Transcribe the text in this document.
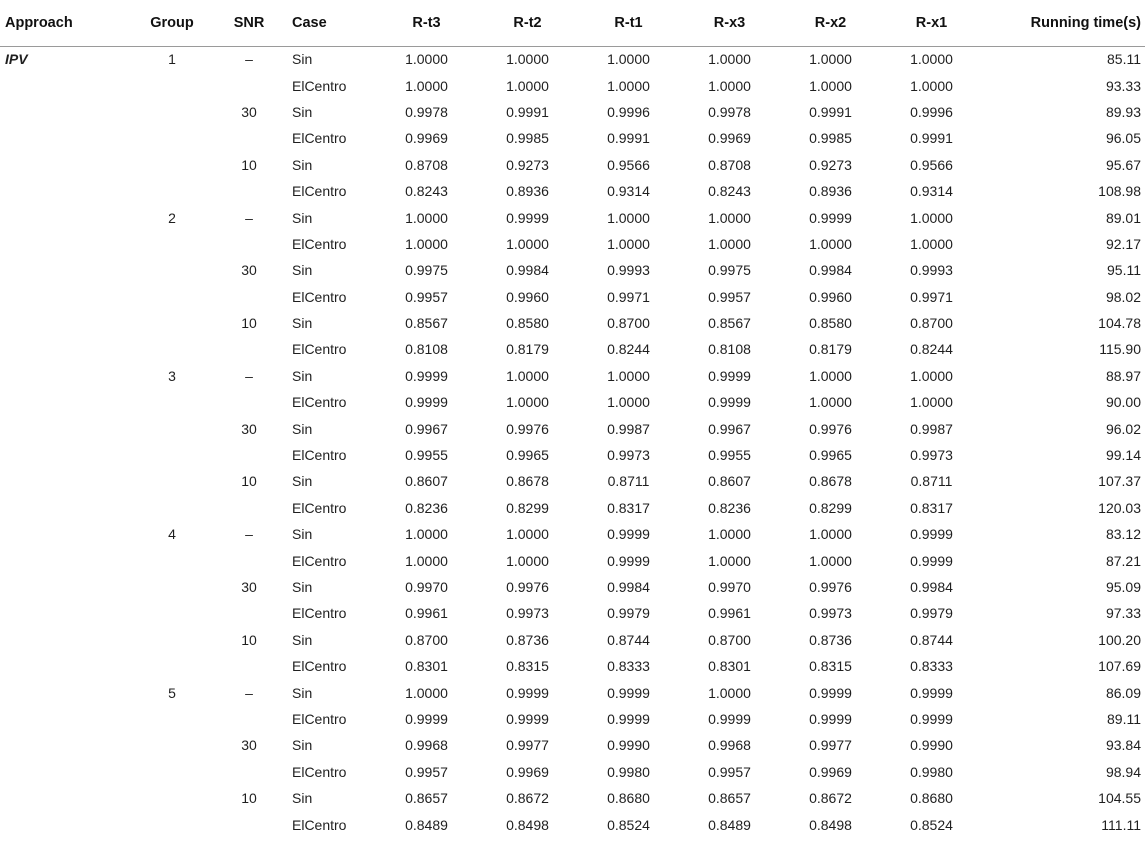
Approach	Group	SNR	Case	R-t3	R-t2	R-t1	R-x3	R-x2	R-x1	Running time(s)
IPV	1	–	Sin	1.0000	1.0000	1.0000	1.0000	1.0000	1.0000	85.11
			ElCentro	1.0000	1.0000	1.0000	1.0000	1.0000	1.0000	93.33
		30	Sin	0.9978	0.9991	0.9996	0.9978	0.9991	0.9996	89.93
			ElCentro	0.9969	0.9985	0.9991	0.9969	0.9985	0.9991	96.05
		10	Sin	0.8708	0.9273	0.9566	0.8708	0.9273	0.9566	95.67
			ElCentro	0.8243	0.8936	0.9314	0.8243	0.8936	0.9314	108.98
	2	–	Sin	1.0000	0.9999	1.0000	1.0000	0.9999	1.0000	89.01
			ElCentro	1.0000	1.0000	1.0000	1.0000	1.0000	1.0000	92.17
		30	Sin	0.9975	0.9984	0.9993	0.9975	0.9984	0.9993	95.11
			ElCentro	0.9957	0.9960	0.9971	0.9957	0.9960	0.9971	98.02
		10	Sin	0.8567	0.8580	0.8700	0.8567	0.8580	0.8700	104.78
			ElCentro	0.8108	0.8179	0.8244	0.8108	0.8179	0.8244	115.90
	3	–	Sin	0.9999	1.0000	1.0000	0.9999	1.0000	1.0000	88.97
			ElCentro	0.9999	1.0000	1.0000	0.9999	1.0000	1.0000	90.00
		30	Sin	0.9967	0.9976	0.9987	0.9967	0.9976	0.9987	96.02
			ElCentro	0.9955	0.9965	0.9973	0.9955	0.9965	0.9973	99.14
		10	Sin	0.8607	0.8678	0.8711	0.8607	0.8678	0.8711	107.37
			ElCentro	0.8236	0.8299	0.8317	0.8236	0.8299	0.8317	120.03
	4	–	Sin	1.0000	1.0000	0.9999	1.0000	1.0000	0.9999	83.12
			ElCentro	1.0000	1.0000	0.9999	1.0000	1.0000	0.9999	87.21
		30	Sin	0.9970	0.9976	0.9984	0.9970	0.9976	0.9984	95.09
			ElCentro	0.9961	0.9973	0.9979	0.9961	0.9973	0.9979	97.33
		10	Sin	0.8700	0.8736	0.8744	0.8700	0.8736	0.8744	100.20
			ElCentro	0.8301	0.8315	0.8333	0.8301	0.8315	0.8333	107.69
	5	–	Sin	1.0000	0.9999	0.9999	1.0000	0.9999	0.9999	86.09
			ElCentro	0.9999	0.9999	0.9999	0.9999	0.9999	0.9999	89.11
		30	Sin	0.9968	0.9977	0.9990	0.9968	0.9977	0.9990	93.84
			ElCentro	0.9957	0.9969	0.9980	0.9957	0.9969	0.9980	98.94
		10	Sin	0.8657	0.8672	0.8680	0.8657	0.8672	0.8680	104.55
			ElCentro	0.8489	0.8498	0.8524	0.8489	0.8498	0.8524	111.11
